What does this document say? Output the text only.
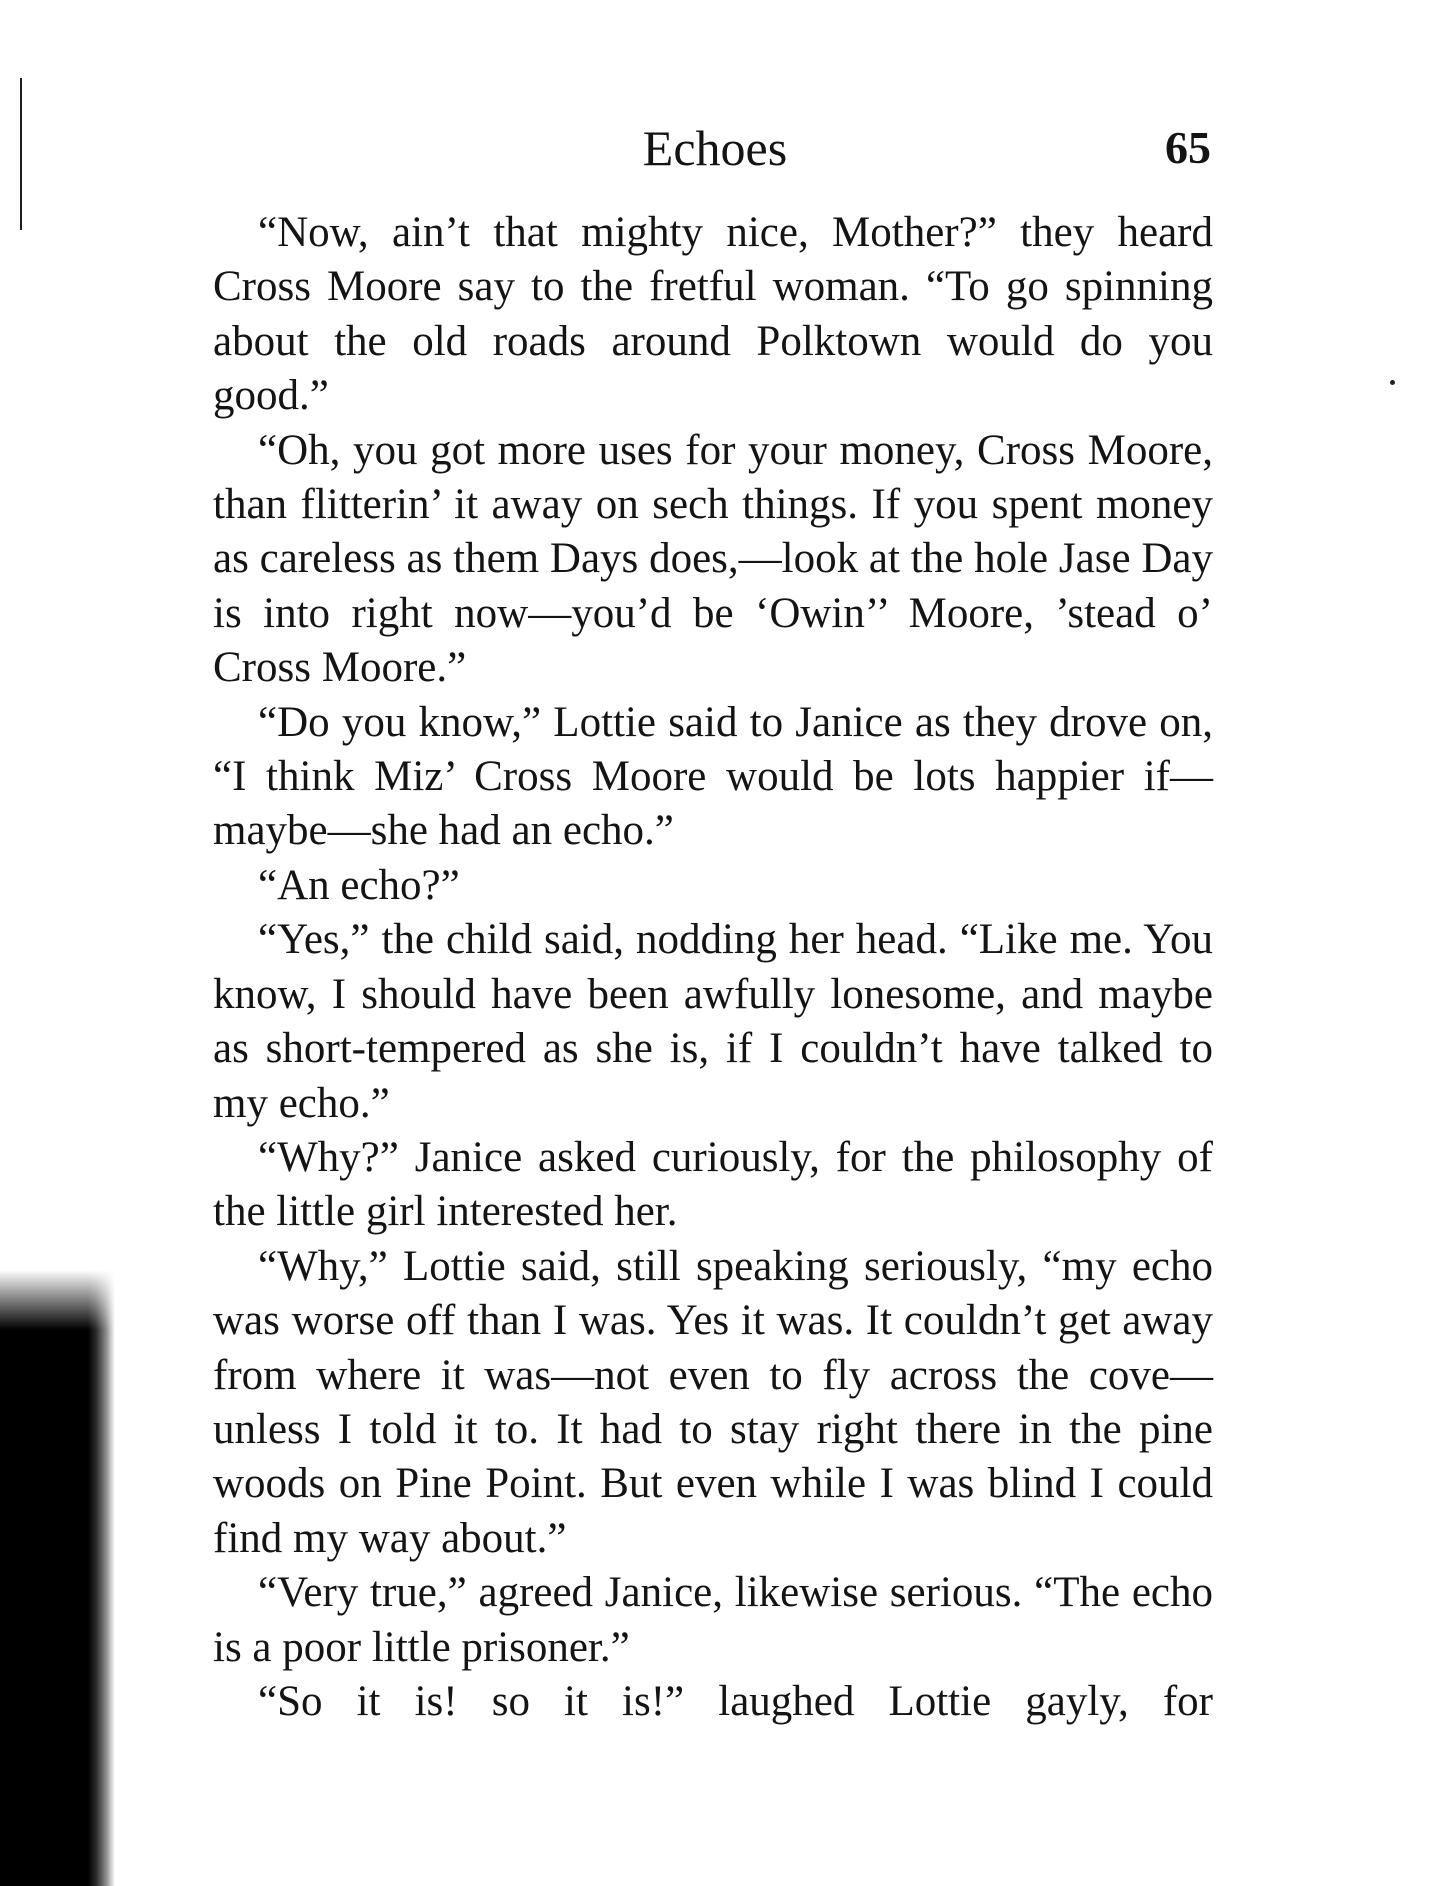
Echoes	65

“Now, ain’t that mighty nice, Mother?” they heard Cross Moore say to the fretful woman. “To go spinning about the old roads around Polktown would do you good.”

“Oh, you got more uses for your money, Cross Moore, than flitterin’ it away on sech things. If you spent money as careless as them Days does,—look at the hole Jase Day is into right now—you’d be ‘Owin’’ Moore, ’stead o’ Cross Moore.”

“Do you know,” Lottie said to Janice as they drove on, “I think Miz’ Cross Moore would be lots happier if—maybe—she had an echo.”

“An echo?”

“Yes,” the child said, nodding her head. “Like me. You know, I should have been awfully lonesome, and maybe as short-tempered as she is, if I couldn’t have talked to my echo.”

“Why?” Janice asked curiously, for the philosophy of the little girl interested her.

“Why,” Lottie said, still speaking seriously, “my echo was worse off than I was. Yes it was. It couldn’t get away from where it was—not even to fly across the cove—unless I told it to. It had to stay right there in the pine woods on Pine Point. But even while I was blind I could find my way about.”

“Very true,” agreed Janice, likewise serious. “The echo is a poor little prisoner.”

“So it is! so it is!” laughed Lottie gayly, for
